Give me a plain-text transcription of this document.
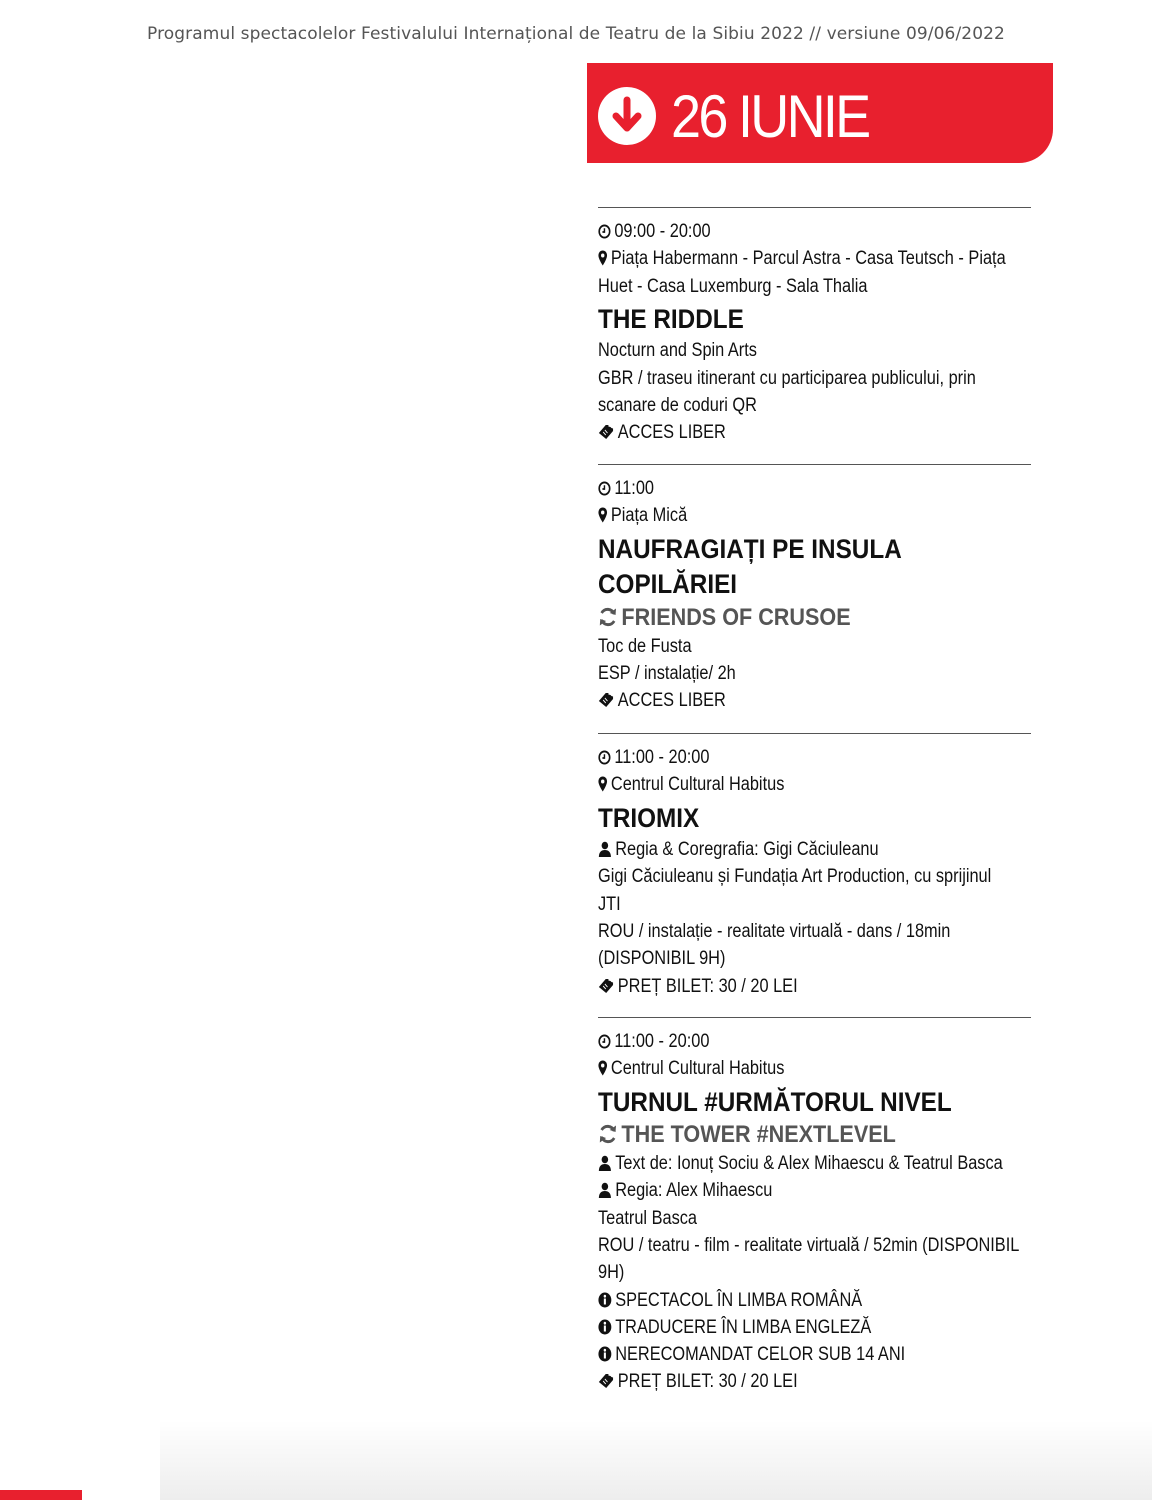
Programul spectacolelor Festivalului Internațional de Teatru de la Sibiu 2022 // versiune 09/06/2022
26 IUNIE
09:00 - 20:00
Piața Habermann - Parcul Astra - Casa Teutsch - Piața Huet - Casa Luxemburg - Sala Thalia
THE RIDDLE
Nocturn and Spin Arts
GBR / traseu itinerant cu participarea publicului, prin scanare de coduri QR
ACCES LIBER
11:00
Piața Mică
NAUFRAGIAȚI PE INSULA COPILĂRIEI
FRIENDS OF CRUSOE
Toc de Fusta
ESP / instalație/ 2h
ACCES LIBER
11:00 - 20:00
Centrul Cultural Habitus
TRIOMIX
Regia & Coregrafia: Gigi Căciuleanu
Gigi Căciuleanu și Fundația Art Production, cu sprijinul JTI
ROU / instalație - realitate virtuală - dans / 18min (DISPONIBIL 9H)
PREȚ BILET: 30 / 20 LEI
11:00 - 20:00
Centrul Cultural Habitus
TURNUL #URMĂTORUL NIVEL
THE TOWER #NEXTLEVEL
Text de: Ionuț Sociu & Alex Mihaescu & Teatrul Basca
Regia: Alex Mihaescu
Teatrul Basca
ROU / teatru - film - realitate virtuală / 52min (DISPONIBIL 9H)
SPECTACOL ÎN LIMBA ROMÂNĂ
TRADUCERE ÎN LIMBA ENGLEZĂ
NERECOMANDAT CELOR SUB 14 ANI
PREȚ BILET: 30 / 20 LEI
